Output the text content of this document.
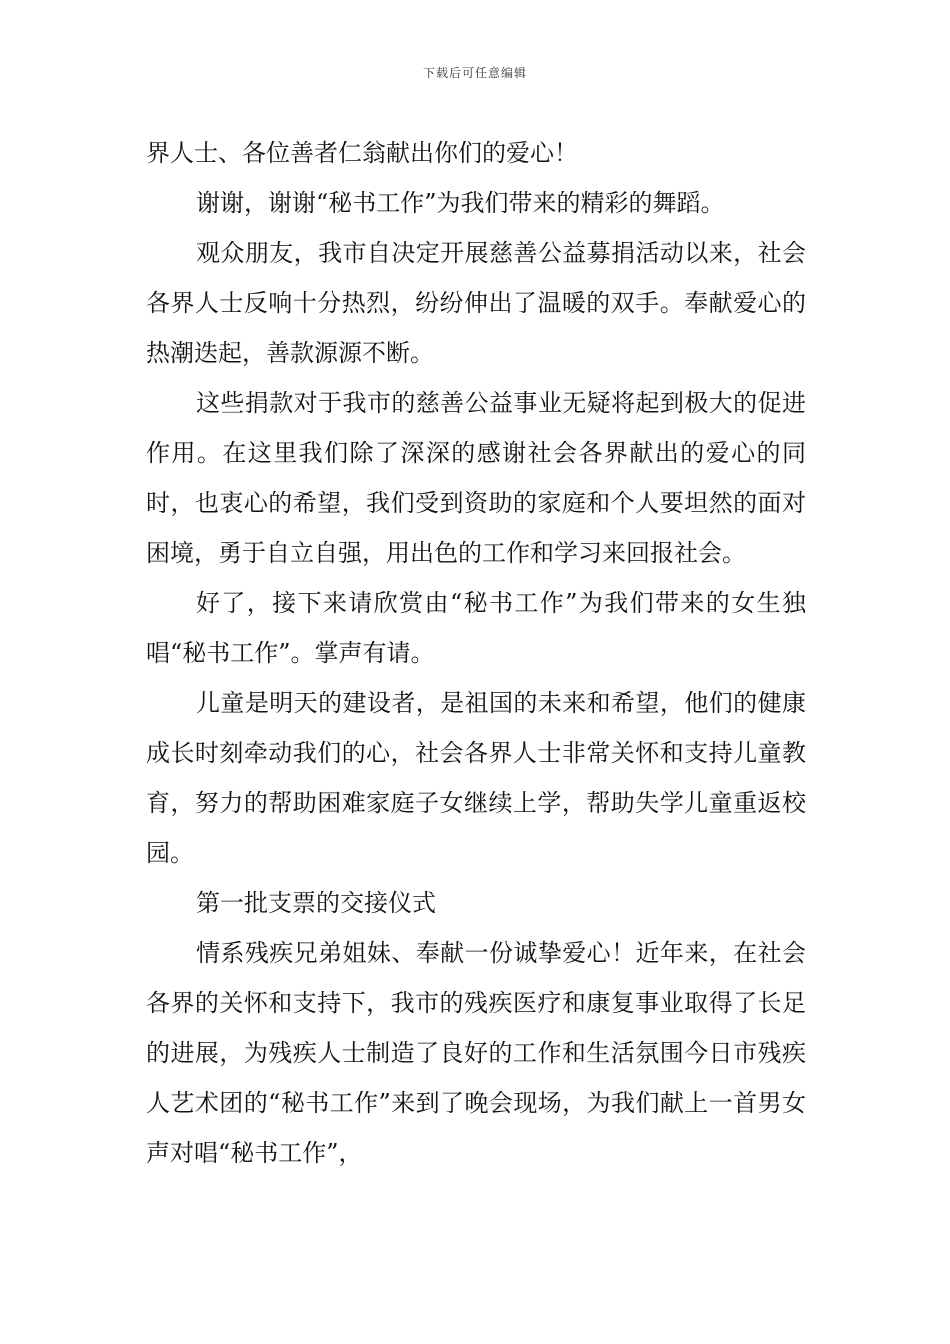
下载后可任意编辑

界人士、各位善者仁翁献出你们的爱心！

谢谢，谢谢“秘书工作”为我们带来的精彩的舞蹈。

观众朋友，我市自决定开展慈善公益募捐活动以来，社会各界人士反响十分热烈，纷纷伸出了温暖的双手。奉献爱心的热潮迭起，善款源源不断。

这些捐款对于我市的慈善公益事业无疑将起到极大的促进作用。在这里我们除了深深的感谢社会各界献出的爱心的同时，也衷心的希望，我们受到资助的家庭和个人要坦然的面对困境，勇于自立自强，用出色的工作和学习来回报社会。

好了，接下来请欣赏由“秘书工作”为我们带来的女生独唱“秘书工作”。掌声有请。

儿童是明天的建设者，是祖国的未来和希望，他们的健康成长时刻牵动我们的心，社会各界人士非常关怀和支持儿童教育，努力的帮助困难家庭子女继续上学，帮助失学儿童重返校园。

第一批支票的交接仪式

情系残疾兄弟姐妹、奉献一份诚挚爱心！近年来，在社会各界的关怀和支持下，我市的残疾医疗和康复事业取得了长足的进展，为残疾人士制造了良好的工作和生活氛围今日市残疾人艺术团的“秘书工作”来到了晚会现场，为我们献上一首男女声对唱“秘书工作”，
